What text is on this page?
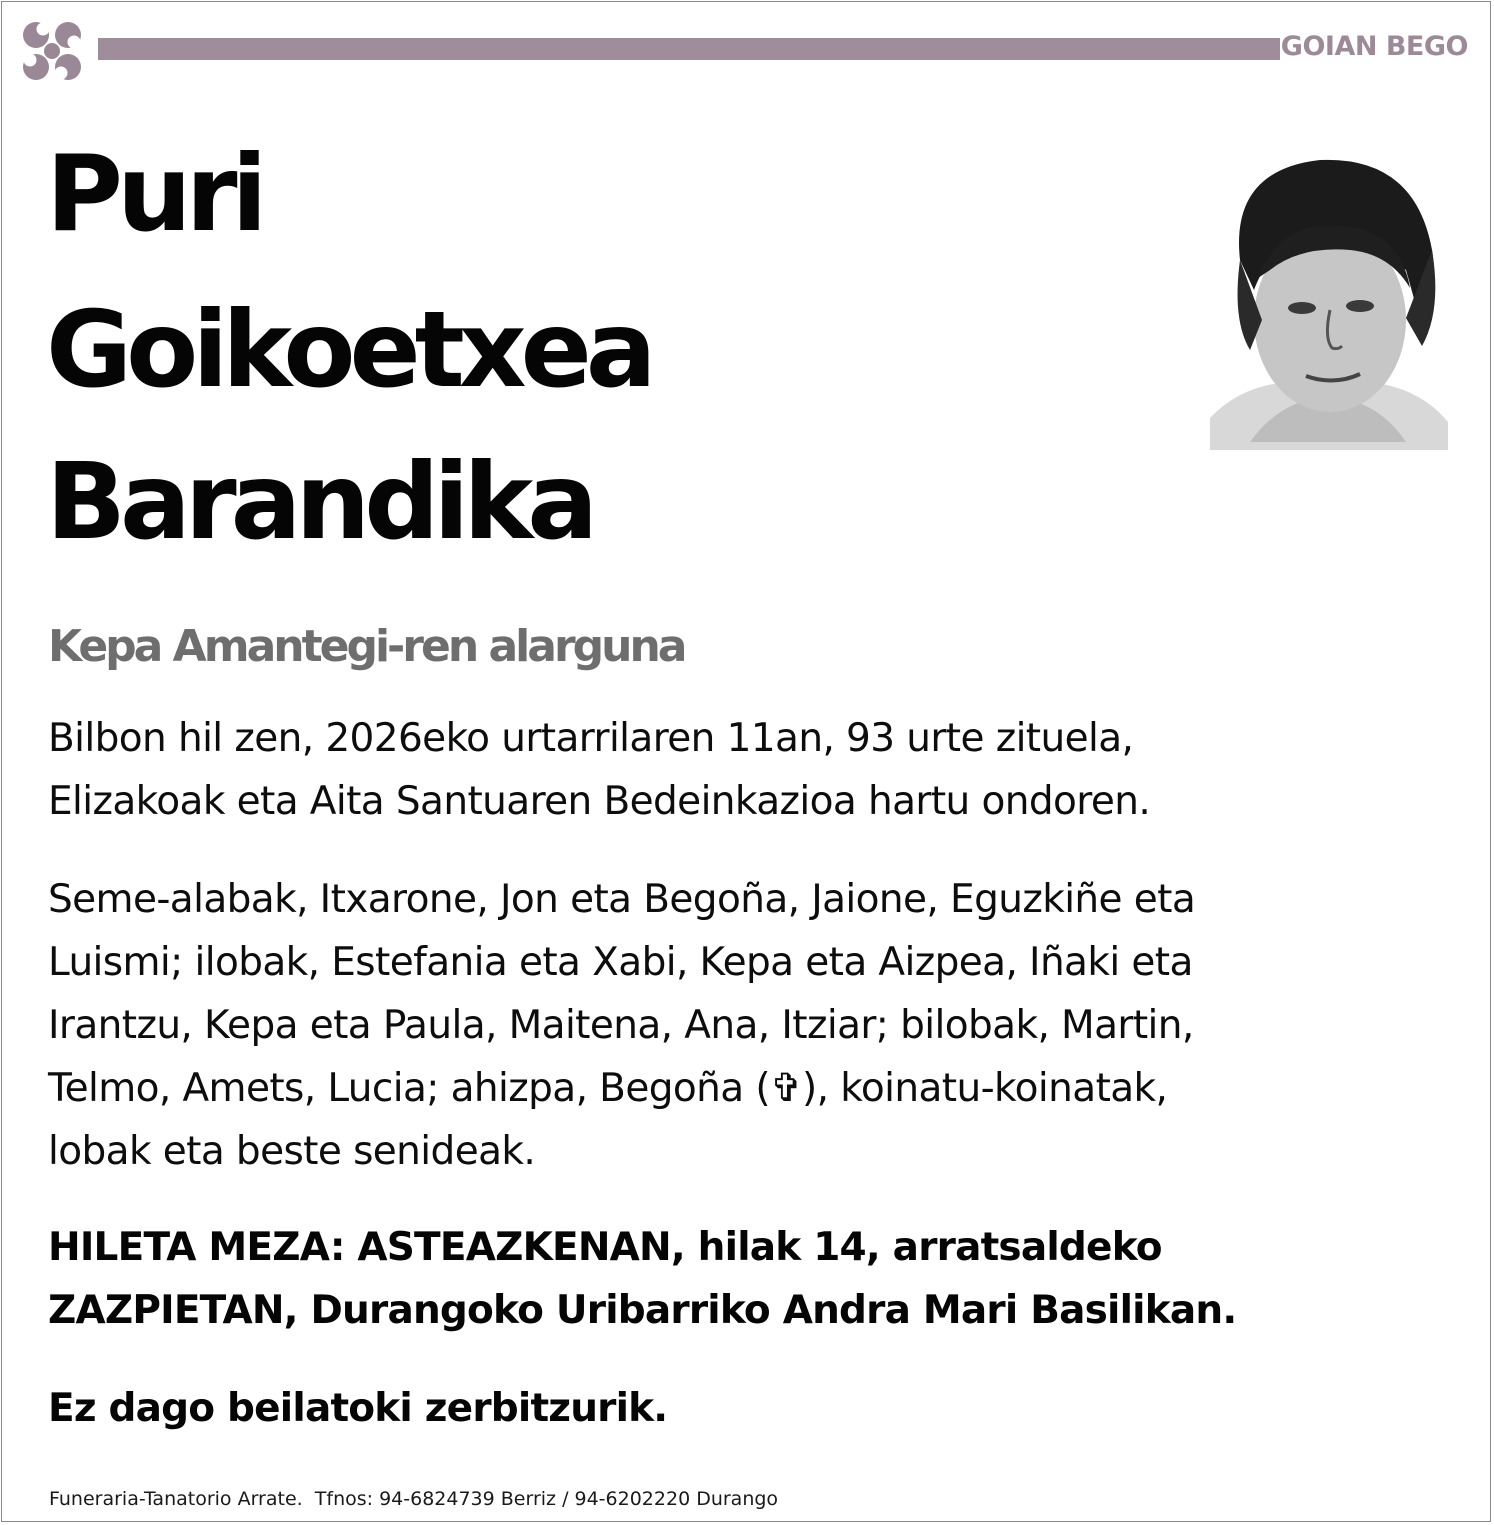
GOIAN BEGO
Puri
Goikoetxea
Barandika
Kepa Amantegi-ren alarguna

Bilbon hil zen, 2026eko urtarrilaren 11an, 93 urte zituela,
Elizakoak eta Aita Santuaren Bedeinkazioa hartu ondoren.

Seme-alabak, Itxarone, Jon eta Begoña, Jaione, Eguzkiñe eta
Luismi; ilobak, Estefania eta Xabi, Kepa eta Aizpea, Iñaki eta
Irantzu, Kepa eta Paula, Maitena, Ana, Itziar; bilobak, Martin,
Telmo, Amets, Lucia; ahizpa, Begoña (✞), koinatu-koinatak,
lobak eta beste senideak.

HILETA MEZA: ASTEAZKENAN, hilak 14, arratsaldeko
ZAZPIETAN, Durangoko Uribarriko Andra Mari Basilikan.

Ez dago beilatoki zerbitzurik.

Funeraria-Tanatorio Arrate.  Tfnos: 94-6824739 Berriz / 94-6202220 Durango
